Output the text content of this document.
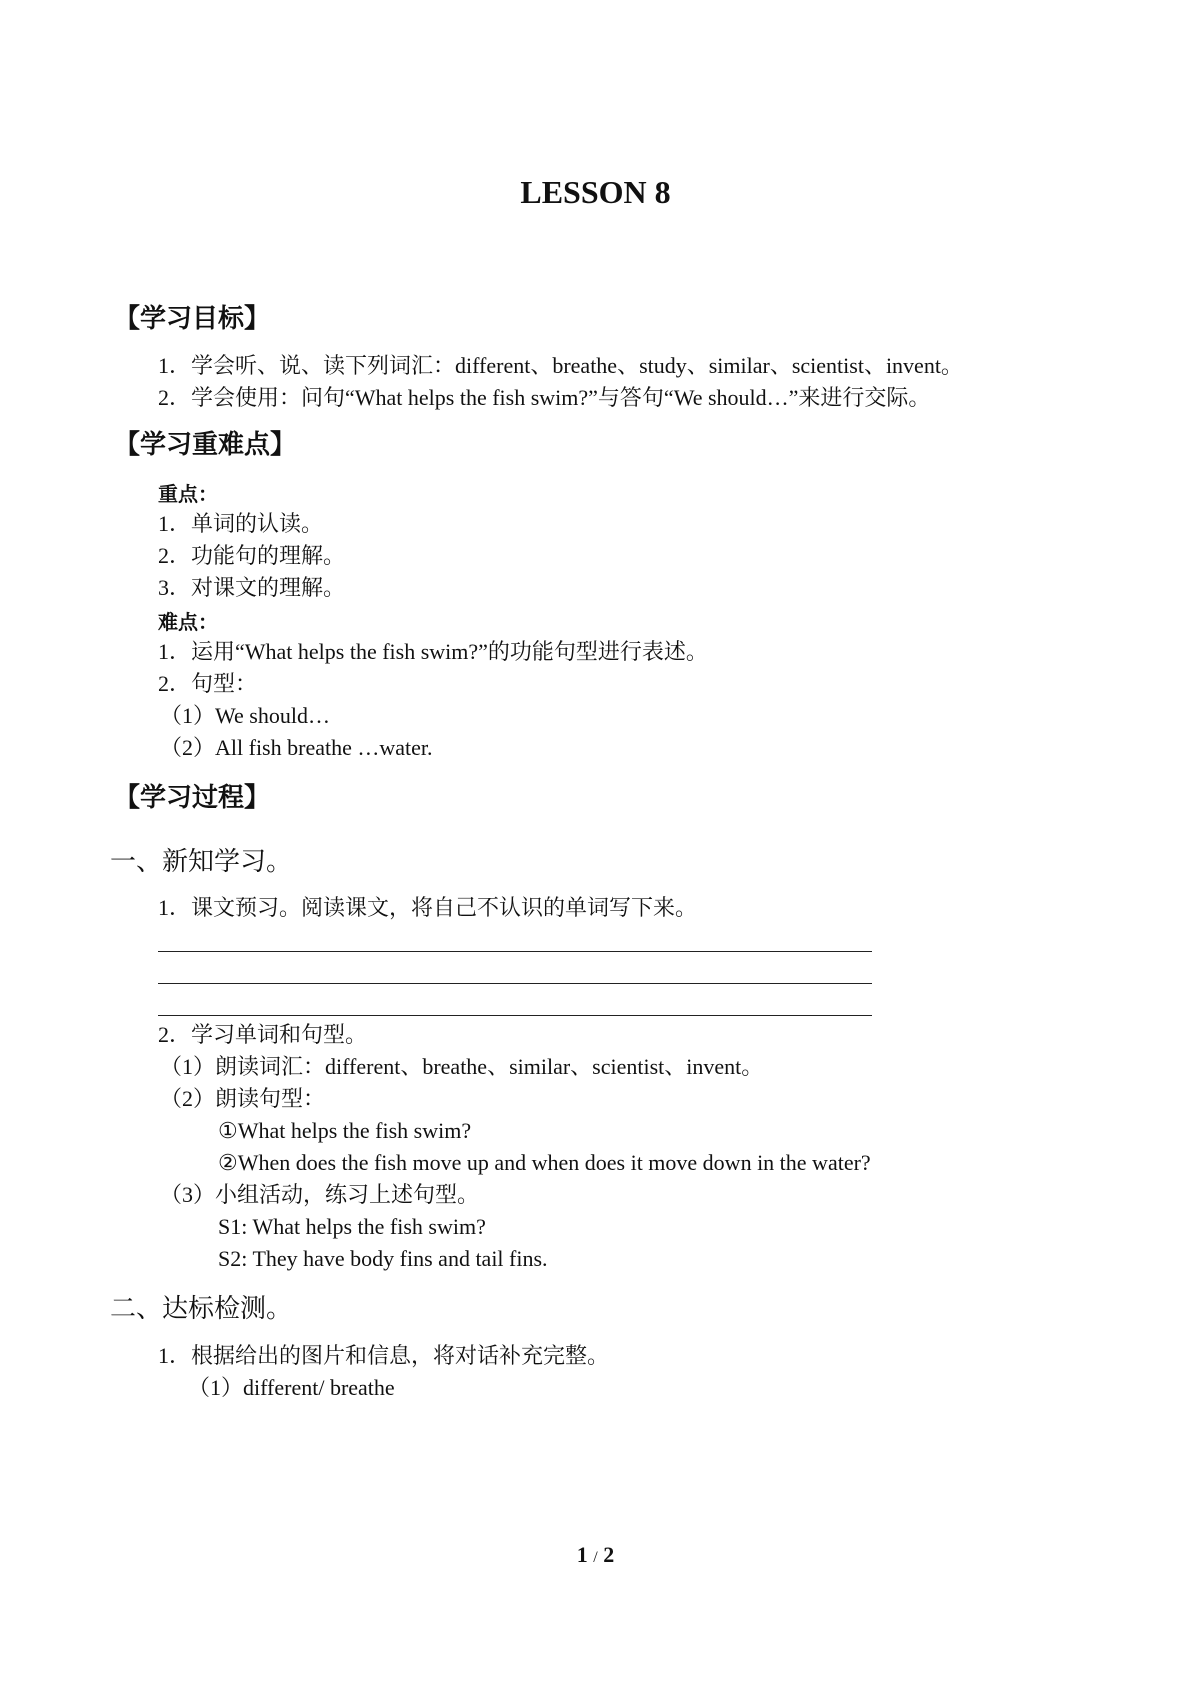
LESSON 8
【学习目标】
1．学会听、说、读下列词汇：different、breathe、study、similar、scientist、invent。
2．学会使用：问句“What helps the fish swim?”与答句“We should…”来进行交际。
【学习重难点】
重点：
1．单词的认读。
2．功能句的理解。
3．对课文的理解。
难点：
1．运用“What helps the fish swim?”的功能句型进行表述。
2．句型：
（1）We should…
（2）All fish breathe …water.
【学习过程】
一、新知学习。
1．课文预习。阅读课文，将自己不认识的单词写下来。
2．学习单词和句型。
（1）朗读词汇：different、breathe、similar、scientist、invent。
（2）朗读句型：
①What helps the fish swim?
②When does the fish move up and when does it move down in the water?
（3）小组活动，练习上述句型。
S1: What helps the fish swim?
S2: They have body fins and tail fins.
二、达标检测。
1．根据给出的图片和信息，将对话补充完整。
（1）different/ breathe
1 / 2
